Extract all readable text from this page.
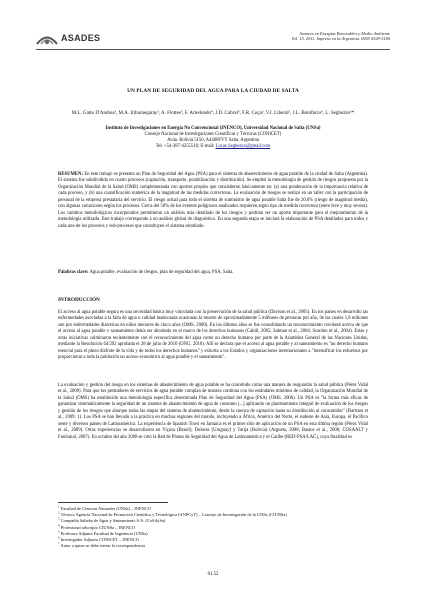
ASADES	Avances en Energías Renovables y Medio Ambiente
Vol. 15, 2011. Impreso en la Argentina. ISSN 0329-5184
UN PLAN DE SEGURIDAD DEL AGUA PARA LA CIUDAD DE SALTA
M.L. Gatto D'Andrea¹, M.A. Iribarnegaray², A. Flottes³, F. Arredondo⁴, J.D. Cabral⁵, F.R. Coça², V.I. Liberal², J.L. Bonifacio⁶, L. Seghezzo⁶*
Instituto de Investigaciones en Energía No Convencional (INENCO), Universidad Nacional de Salta (UNSa)
Consejo Nacional de Investigaciones Científicas y Técnicas (CONICET)
Avda. Bolivia 5150, A4408FVY Salta, Argentina
Tel. +54-387-4255516; E-mail: Lucas.Seghezzo@gmail.com
RESUMEN: En este trabajo se presenta un Plan de Seguridad del Agua (PSA) para el sistema de abastecimiento de agua potable de la ciudad de Salta (Argentina). El sistema fue subdividido en cuatro procesos (captación, transporte, potabilización y distribución). Se empleó la metodología de gestión de riesgos propuesta por la Organización Mundial de la Salud (OMS) complementada con aportes propios que consistieron básicamente en: (a) una ponderación de la importancia relativa de cada proceso, y (b) una cuantificación numérica de la magnitud de las medidas correctoras. La evaluación de riesgos se realizó en un taller con la participación de personal de la empresa prestataria del servicio. El riesgo actual para todo el sistema de suministro de agua potable Salta fue de 20.6% (riesgo de magnitud media), con algunas variaciones según los procesos. Cerca del 50% de los eventos peligrosos analizados requieren algún tipo de medida correctora (entre leve y muy severa). Los cambios metodológicos incorporados permitieron un análisis más detallado de los riesgos y podrían ser un aporte importante para el mejoramiento de la metodología utilizada. Este trabajo corresponde a un análisis global de diagnóstico. En una segunda etapa se iniciará la elaboración de PSA detallados para todos y cada uno de los procesos y sub-procesos que constituyen el sistema estudiado.
Palabras clave: Agua potable, evaluación de riesgos, plan de seguridad del agua, PSA, Salta.
INTRODUCCIÓN
El acceso al agua potable segura es una necesidad básica muy vinculada con la preservación de la salud pública (Davison et al., 2005). En los países en desarrollo las enfermedades asociadas a la falta de agua o calidad inadecuada ocasionan la muerte de aproximadamente 5 millones de personas por año, de las cuales 1,8 millones son por enfermedades diarreicas en niños menores de cinco años (OMS, 2006). En los últimos años se fue consolidando un reconocimiento creciente acerca de que el acceso al agua potable y saneamiento debía ser abordado en el marco de los derechos humanos (Cahill, 2005; Salman et al., 2004; Scanlon et al., 2004). Estas y otras iniciativas culminaron recientemente con el reconocimiento del agua como un derecho humano por parte de la Asamblea General de las Naciones Unidas, mediante la Resolución 64/292 aprobada el 28 de julio de 2010 (ONU, 2010). Allí se declara que el acceso al agua potable y al saneamiento es "un derecho humano esencial para el pleno disfrute de la vida y de todos los derechos humanos" y exhorta a los Estados y organizaciones internacionales a "intensificar los esfuerzos por proporcionar a toda la población un acceso económico al agua potable y el saneamiento".
La evaluación y gestión del riesgo en los sistemas de abastecimiento de agua potable se ha concebido como una manera de resguardar la salud pública (Pérez Vidal et al., 2009). Para que los prestadores de servicios de agua potable cumplan de manera continua con los estándares mínimos de calidad, la Organización Mundial de la Salud (OMS) ha establecido una metodología específica denominada Plan de Seguridad del Agua (PSA) (OMS, 2006). Un PSA es "la forma más eficaz de garantizar sistemáticamente la seguridad de un sistema de abastecimiento de agua de consumo [...] aplicando un planteamiento integral de evaluación de los riesgos y gestión de los riesgos que abarque todas las etapas del sistema de abastecimiento, desde la cuenca de captación hasta su distribución al consumidor" (Bartram et al., 2009: 1). Los PSA se han llevado a la práctica en muchas regiones del mundo, incluyendo a África, América del Norte, el sudeste de Asia, Europa, el Pacífico oeste y diversos países de Latinoamérica. La experiencia de Spanish Town en Jamaica es el primer sitio de aplicación de un PSA en esta última región (Pérez Vidal et al., 2009). Otras experiencias se desarrollaron en Viçosa (Brasil), Dolores (Uruguay) y Tarija (Bolivia) (Argueta, 2008; Bastos et al., 2008; COSAALT y FunSalud, 2007). En octubre del año 2008 se creó la Red de Planes de Seguridad del Agua de Latinoamérica y el Caribe (RED-PSA/LAC), cuya finalidad es
$^1$ Facultad de Ciencias Naturales (UNSa) – INENCO
$^2$ Técnico Agencia Nacional de Promoción Científica y Tecnológica (ANPCyT) – Consejo de Investigación de la UNSa (CIUNSa)
$^3$ Compañía Salteña de Agua y Saneamiento S.A. (CoSAySa)
$^4$ Profesional adscripto CIUNSa – INENCO
$^5$ Profesora Adjunta Facultad de Ingeniería (UNSa)
$^6$ Investigador Adjunto CONICET – INENCO
* Autor a quien se debe enviar la correspondencia
01.52
